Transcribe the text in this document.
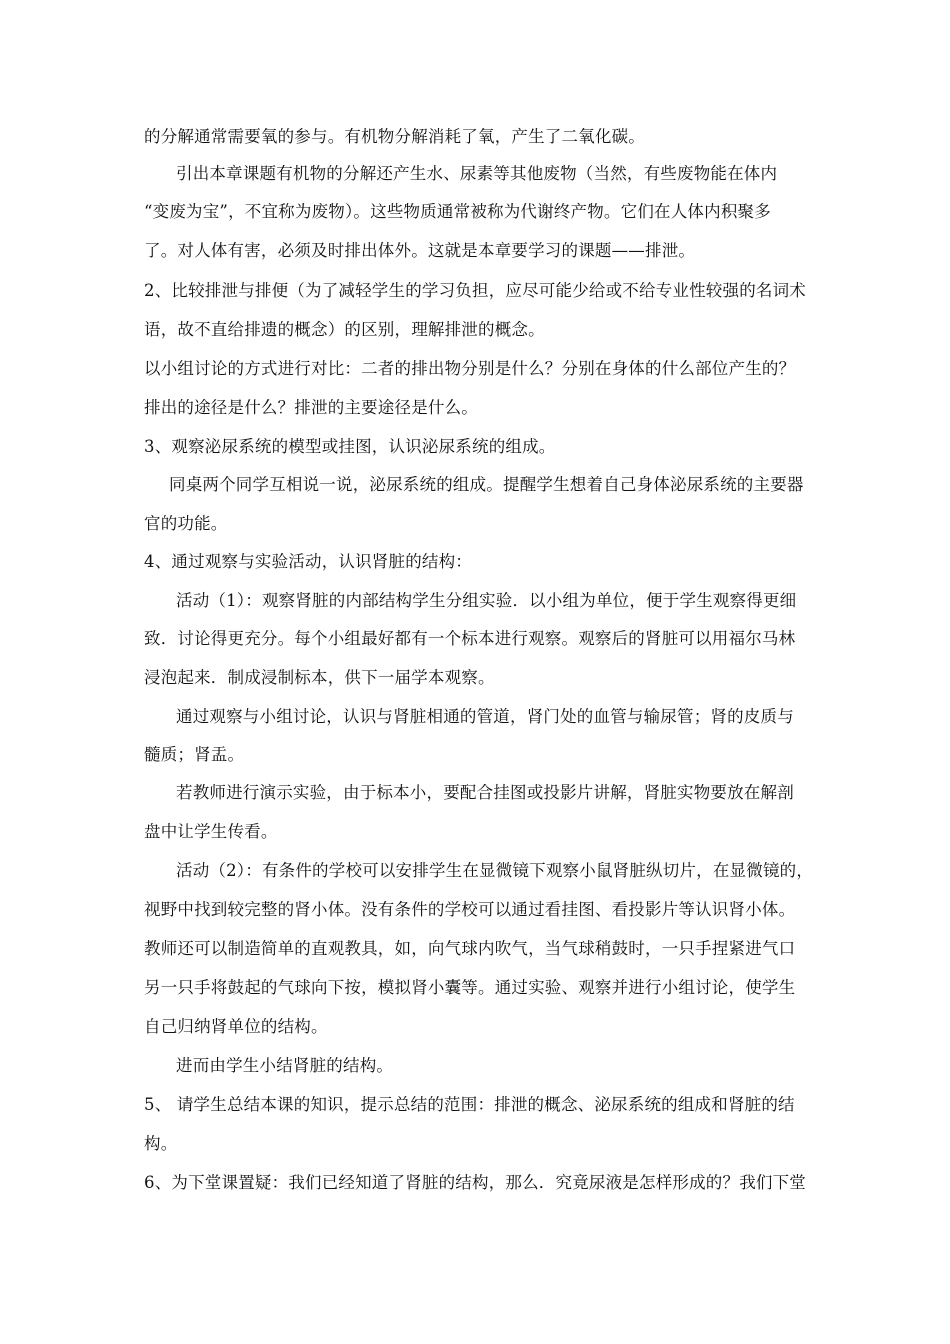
的分解通常需要氧的参与。有机物分解消耗了氧，产生了二氧化碳。
引出本章课题有机物的分解还产生水、尿素等其他废物（当然，有些废物能在体内
“变废为宝”，不宜称为废物）。这些物质通常被称为代谢终产物。它们在人体内积聚多
了。对人体有害，必须及时排出体外。这就是本章要学习的课题——排泄。
2、比较排泄与排便（为了减轻学生的学习负担，应尽可能少给或不给专业性较强的名词术
语，故不直给排遗的概念）的区别，理解排泄的概念。
以小组讨论的方式进行对比：二者的排出物分别是什么？分别在身体的什么部位产生的？
排出的途径是什么？排泄的主要途径是什么。
3、观察泌尿系统的模型或挂图，认识泌尿系统的组成。
同桌两个同学互相说一说，泌尿系统的组成。提醒学生想着自己身体泌尿系统的主要器
官的功能。
4、通过观察与实验活动，认识肾脏的结构：
活动（1）：观察肾脏的内部结构学生分组实验．以小组为单位，便于学生观察得更细
致．讨论得更充分。每个小组最好都有一个标本进行观察。观察后的肾脏可以用福尔马林
浸泡起来．制成浸制标本，供下一届学本观察。
通过观察与小组讨论，认识与肾脏相通的管道，肾门处的血管与输尿管；肾的皮质与
髓质；肾盂。
若教师进行演示实验，由于标本小，要配合挂图或投影片讲解，肾脏实物要放在解剖
盘中让学生传看。
活动（2）：有条件的学校可以安排学生在显微镜下观察小鼠肾脏纵切片，在显微镜的，
视野中找到较完整的肾小体。没有条件的学校可以通过看挂图、看投影片等认识肾小体。
教师还可以制造简单的直观教具，如，向气球内吹气，当气球稍鼓时，一只手捏紧进气口
另一只手将鼓起的气球向下按，模拟肾小囊等。通过实验、观察并进行小组讨论，使学生
自己归纳肾单位的结构。
进而由学生小结肾脏的结构。
5、 请学生总结本课的知识，提示总结的范围：排泄的概念、泌尿系统的组成和肾脏的结
构。
6、为下堂课置疑：我们已经知道了肾脏的结构，那么．究竟尿液是怎样形成的？我们下堂
